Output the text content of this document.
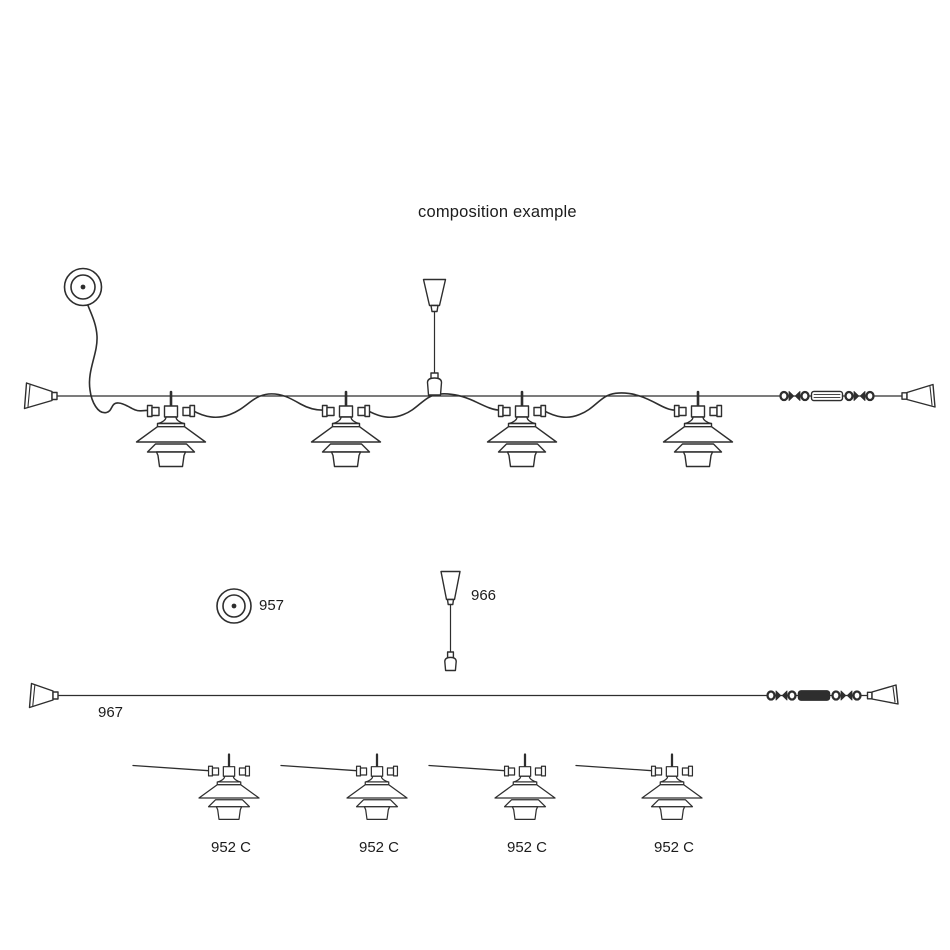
composition example
957
966
967
952 C	952 C	952 C	952 C
